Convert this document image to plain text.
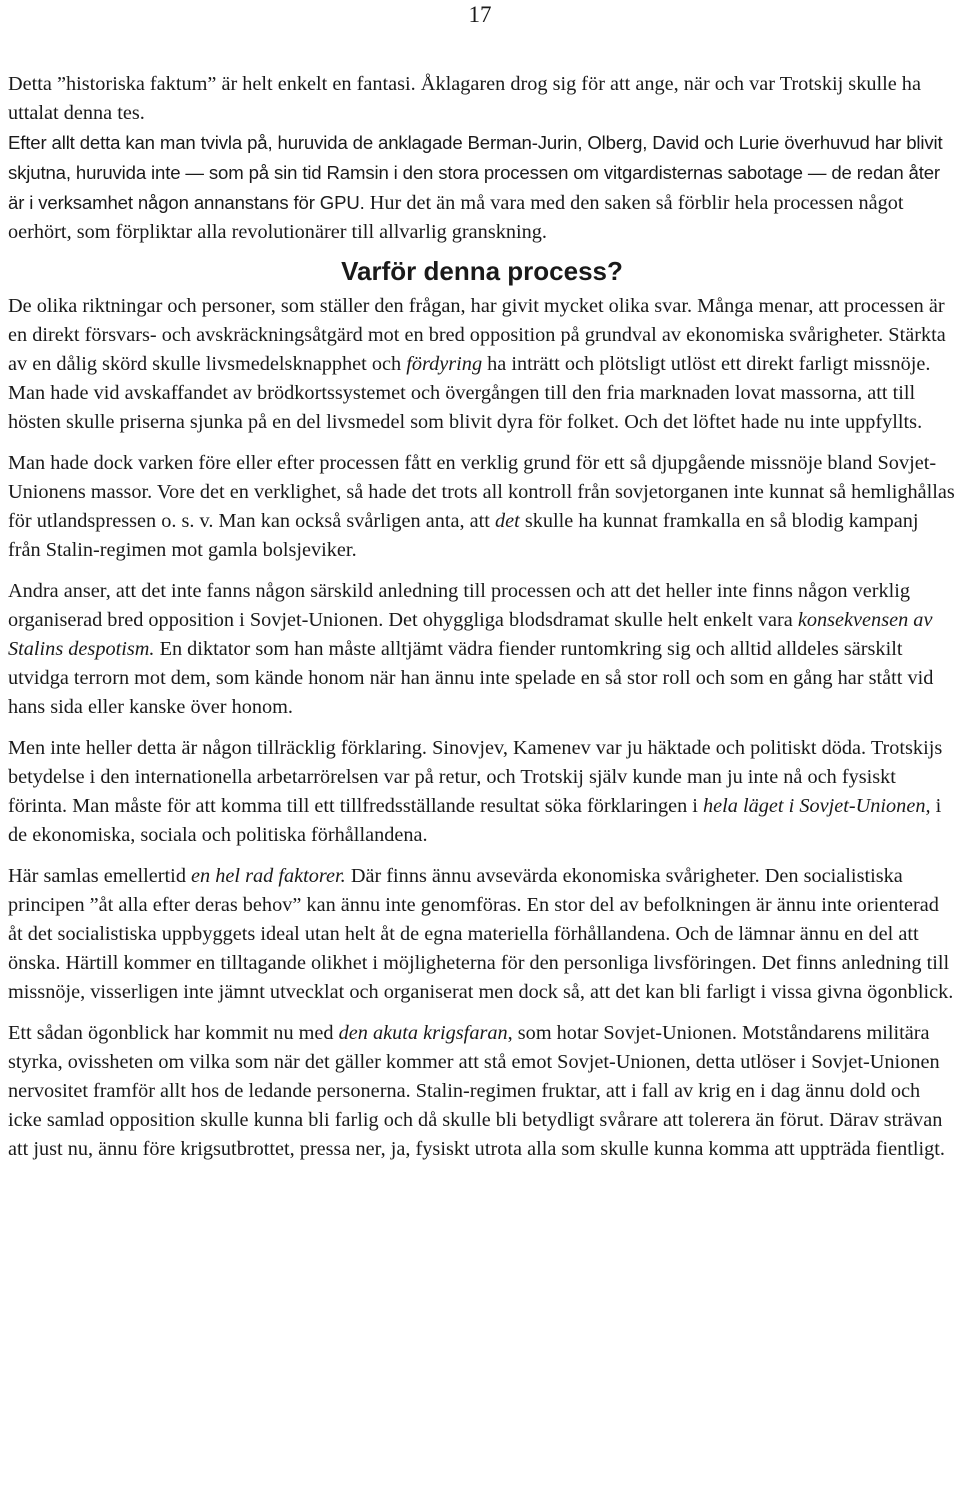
17

Detta ”historiska faktum” är helt enkelt en fantasi. Åklagaren drog sig för att ange, när och var Trotskij skulle ha uttalat denna tes.

Efter allt detta kan man tvivla på, huruvida de anklagade Berman-Jurin, Olberg, David och Lurie överhuvud har blivit skjutna, huruvida inte — som på sin tid Ramsin i den stora processen om vitgardisternas sabotage — de redan åter är i verksamhet någon annanstans för GPU. Hur det än må vara med den saken så förblir hela processen något oerhört, som förpliktar alla revolutionärer till allvarlig granskning.

Varför denna process?

De olika riktningar och personer, som ställer den frågan, har givit mycket olika svar. Många menar, att processen är en direkt försvars- och avskräckningsåtgärd mot en bred opposition på grundval av ekonomiska svårigheter. Stärkta av en dålig skörd skulle livsmedelsknapphet och fördyring ha inträtt och plötsligt utlöst ett direkt farligt missnöje. Man hade vid avskaffandet av brödkortssystemet och övergången till den fria marknaden lovat massorna, att till hösten skulle priserna sjunka på en del livsmedel som blivit dyra för folket. Och det löftet hade nu inte uppfyllts.

Man hade dock varken före eller efter processen fått en verklig grund för ett så djupgående missnöje bland Sovjet-Unionens massor. Vore det en verklighet, så hade det trots all kontroll från sovjetorganen inte kunnat så hemlighållas för utlandspressen o. s. v. Man kan också svårligen anta, att det skulle ha kunnat framkalla en så blodig kampanj från Stalin-regimen mot gamla bolsjeviker.

Andra anser, att det inte fanns någon särskild anledning till processen och att det heller inte finns någon verklig organiserad bred opposition i Sovjet-Unionen. Det ohyggliga blodsdramat skulle helt enkelt vara konsekvensen av Stalins despotism. En diktator som han måste alltjämt vädra fiender runtomkring sig och alltid alldeles särskilt utvidga terrorn mot dem, som kände honom när han ännu inte spelade en så stor roll och som en gång har stått vid hans sida eller kanske över honom.

Men inte heller detta är någon tillräcklig förklaring. Sinovjev, Kamenev var ju häktade och politiskt döda. Trotskijs betydelse i den internationella arbetarrörelsen var på retur, och Trotskij själv kunde man ju inte nå och fysiskt förinta. Man måste för att komma till ett tillfredsställande resultat söka förklaringen i hela läget i Sovjet-Unionen, i de ekonomiska, sociala och politiska förhållandena.

Här samlas emellertid en hel rad faktorer. Där finns ännu avsevärda ekonomiska svårigheter. Den socialistiska principen ”åt alla efter deras behov” kan ännu inte genomföras. En stor del av befolkningen är ännu inte orienterad åt det socialistiska uppbyggets ideal utan helt åt de egna materiella förhållandena. Och de lämnar ännu en del att önska. Härtill kommer en tilltagande olikhet i möjligheterna för den personliga livsföringen. Det finns anledning till missnöje, visserligen inte jämnt utvecklat och organiserat men dock så, att det kan bli farligt i vissa givna ögonblick.

Ett sådan ögonblick har kommit nu med den akuta krigsfaran, som hotar Sovjet-Unionen. Motståndarens militära styrka, ovissheten om vilka som när det gäller kommer att stå emot Sovjet-Unionen, detta utlöser i Sovjet-Unionen nervositet framför allt hos de ledande personerna. Stalin-regimen fruktar, att i fall av krig en i dag ännu dold och icke samlad opposition skulle kunna bli farlig och då skulle bli betydligt svårare att tolerera än förut. Därav strävan att just nu, ännu före krigsutbrottet, pressa ner, ja, fysiskt utrota alla som skulle kunna komma att uppträda fientligt.
